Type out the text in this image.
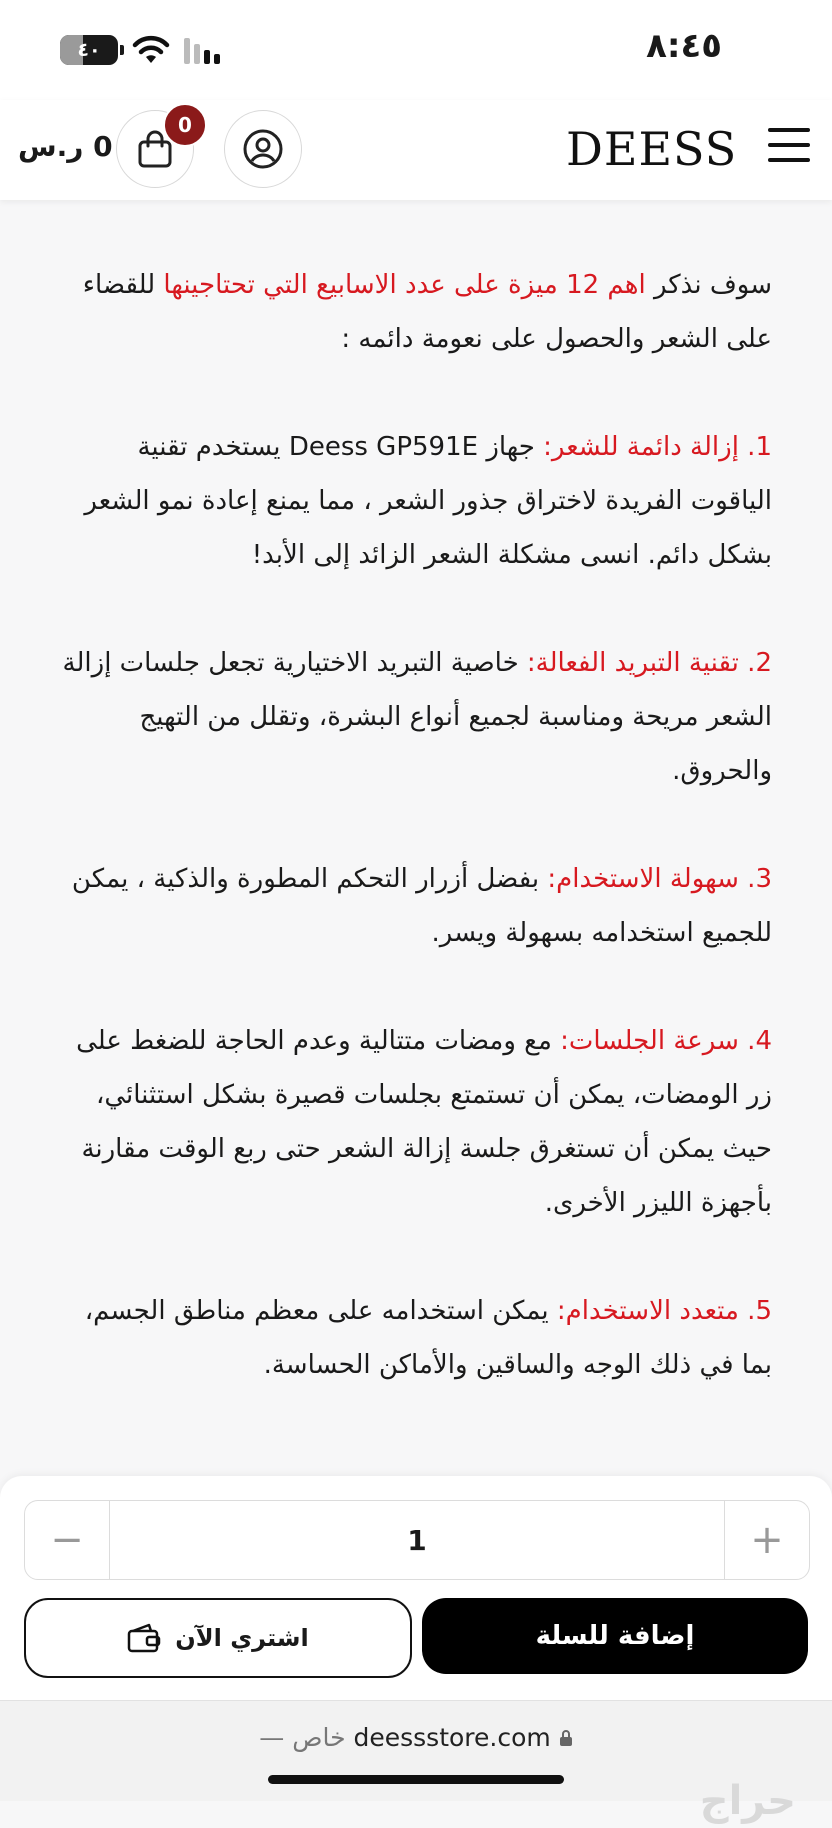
٤٠	٨:٤٥
0 ر.س
0	DEESS

سوف نذكر اهم 12 ميزة على عدد الاسابيع التي تحتاجينها للقضاء على الشعر والحصول على نعومة دائمه :

1. إزالة دائمة للشعر: جهاز Deess GP591E يستخدم تقنية الياقوت الفريدة لاختراق جذور الشعر ، مما يمنع إعادة نمو الشعر بشكل دائم. انسى مشكلة الشعر الزائد إلى الأبد!

2. تقنية التبريد الفعالة: خاصية التبريد الاختيارية تجعل جلسات إزالة الشعر مريحة ومناسبة لجميع أنواع البشرة، وتقلل من التهيج والحروق.

3. سهولة الاستخدام: بفضل أزرار التحكم المطورة والذكية ، يمكن للجميع استخدامه بسهولة ويسر.

4. سرعة الجلسات: مع ومضات متتالية وعدم الحاجة للضغط على زر الومضات، يمكن أن تستمتع بجلسات قصيرة بشكل استثنائي، حيث يمكن أن تستغرق جلسة إزالة الشعر حتى ربع الوقت مقارنة بأجهزة الليزر الأخرى.

5. متعدد الاستخدام: يمكن استخدامه على معظم مناطق الجسم، بما في ذلك الوجه والساقين والأماكن الحساسة.

−	1	+
اشتري الآن	إضافة للسلة
— خاص deessstore.com
حراج
